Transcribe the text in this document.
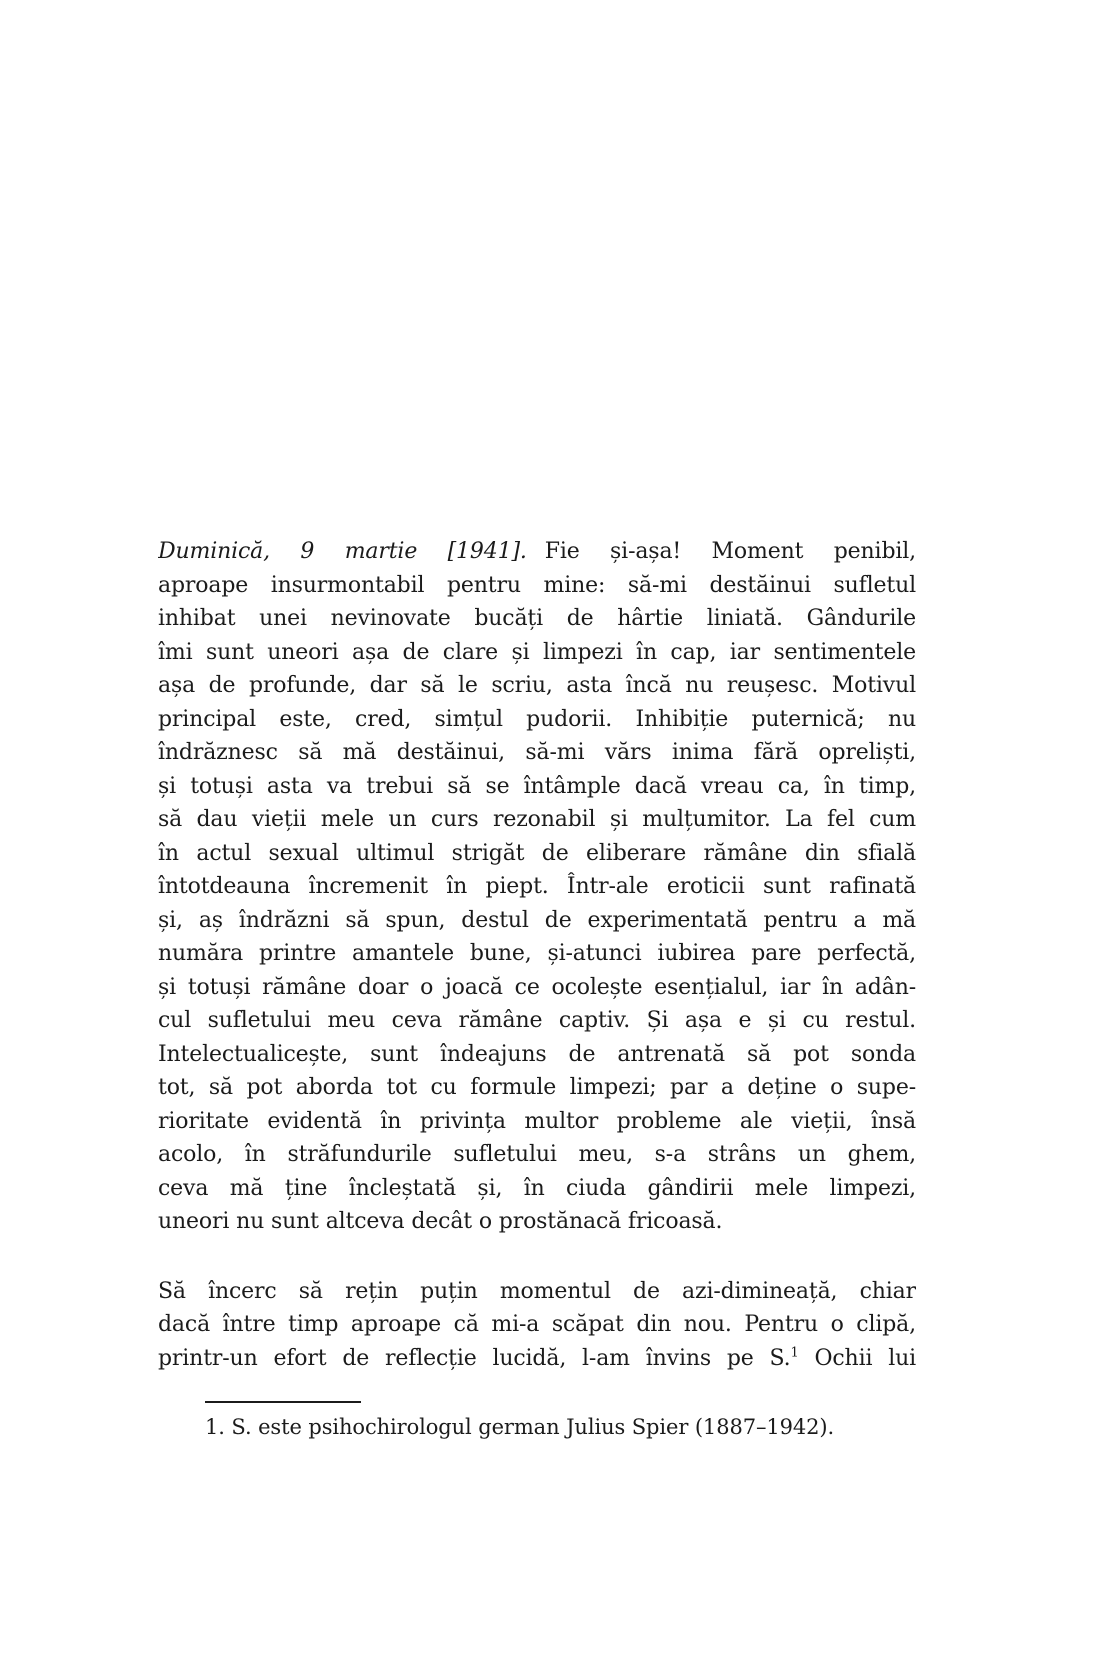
Duminică, 9 martie [1941]. Fie și-așa! Moment penibil,
aproape insurmontabil pentru mine: să-mi destăinui sufletul
inhibat unei nevinovate bucăți de hârtie liniată. Gândurile
îmi sunt uneori așa de clare și limpezi în cap, iar sentimentele
așa de profunde, dar să le scriu, asta încă nu reușesc. Motivul
principal este, cred, simțul pudorii. Inhibiție puternică; nu
îndrăznesc să mă destăinui, să-mi vărs inima fără opreliști,
și totuși asta va trebui să se întâmple dacă vreau ca, în timp,
să dau vieții mele un curs rezonabil și mulțumitor. La fel cum
în actul sexual ultimul strigăt de eliberare rămâne din sfială
întotdeauna încremenit în piept. Într-ale eroticii sunt rafinată
și, aș îndrăzni să spun, destul de experimentată pentru a mă
număra printre amantele bune, și-atunci iubirea pare perfectă,
și totuși rămâne doar o joacă ce ocolește esențialul, iar în adân-
cul sufletului meu ceva rămâne captiv. Și așa e și cu restul.
Intelectualicește, sunt îndeajuns de antrenată să pot sonda
tot, să pot aborda tot cu formule limpezi; par a deține o supe-
rioritate evidentă în privința multor probleme ale vieții, însă
acolo, în străfundurile sufletului meu, s-a strâns un ghem,
ceva mă ține încleștată și, în ciuda gândirii mele limpezi,
uneori nu sunt altceva decât o prostănacă fricoasă.
Să încerc să rețin puțin momentul de azi-dimineață, chiar
dacă între timp aproape că mi-a scăpat din nou. Pentru o clipă,
printr-un efort de reflecție lucidă, l-am învins pe S.$^1$ Ochii lui
1. S. este psihochirologul german Julius Spier (1887–1942).
